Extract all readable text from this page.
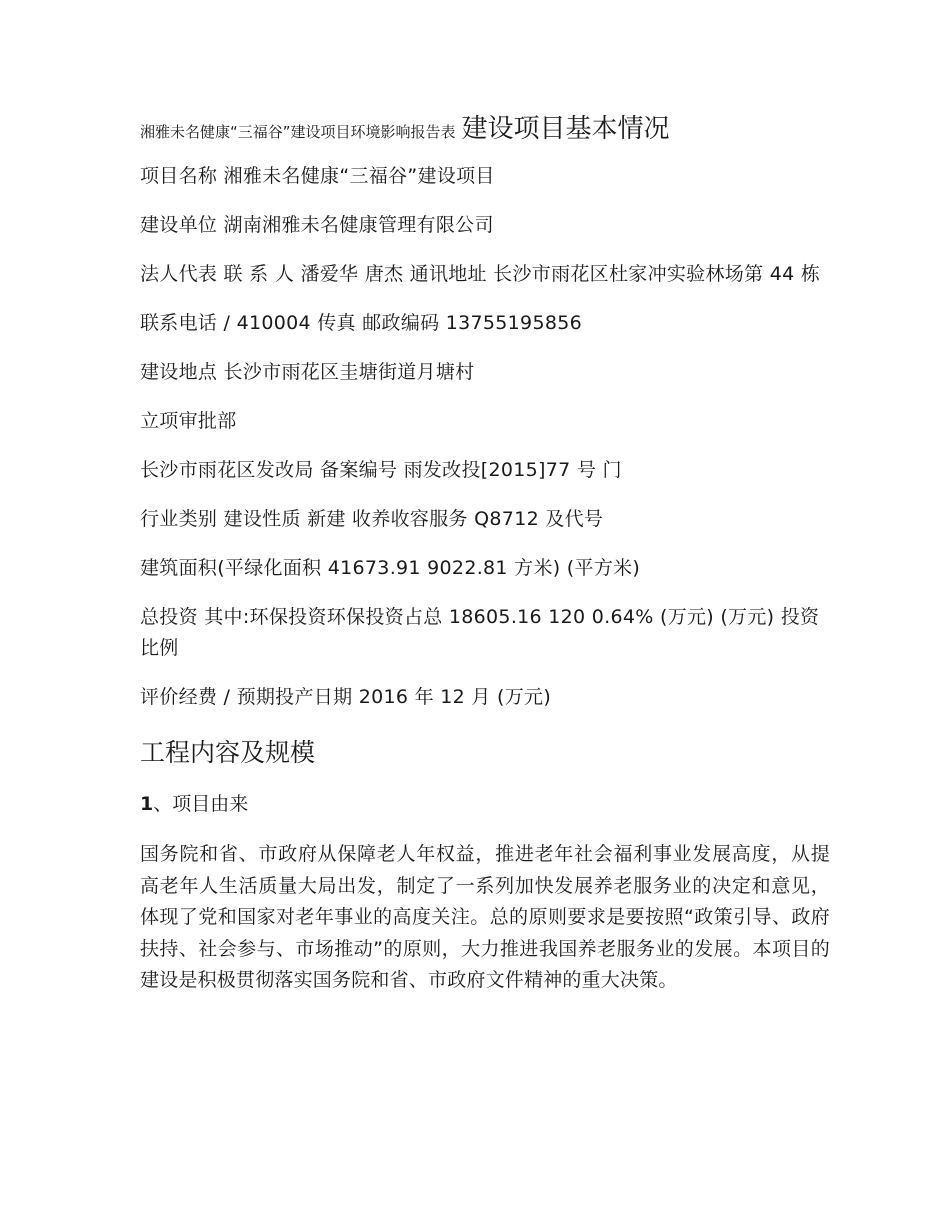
湘雅未名健康“三福谷”建设项目环境影响报告表 建设项目基本情况
项目名称 湘雅未名健康“三福谷”建设项目
建设单位 湖南湘雅未名健康管理有限公司
法人代表 联 系 人 潘爱华 唐杰 通讯地址 长沙市雨花区杜家冲实验林场第 44 栋
联系电话 / 410004 传真 邮政编码 13755195856
建设地点 长沙市雨花区圭塘街道月塘村
立项审批部
长沙市雨花区发改局 备案编号 雨发改投[2015]77 号 门
行业类别 建设性质 新建 收养收容服务 Q8712 及代号
建筑面积(平绿化面积 41673.91 9022.81 方米) (平方米)
总投资 其中:环保投资环保投资占总 18605.16 120 0.64% (万元) (万元) 投资比例
评价经费 / 预期投产日期 2016 年 12 月 (万元)
工程内容及规模
1、项目由来

国务院和省、市政府从保障老人年权益，推进老年社会福利事业发展高度，从提高老年人生活质量大局出发，制定了一系列加快发展养老服务业的决定和意见，体现了党和国家对老年事业的高度关注。总的原则要求是要按照“政策引导、政府扶持、社会参与、市场推动”的原则，大力推进我国养老服务业的发展。本项目的建设是积极贯彻落实国务院和省、市政府文件精神的重大决策。
